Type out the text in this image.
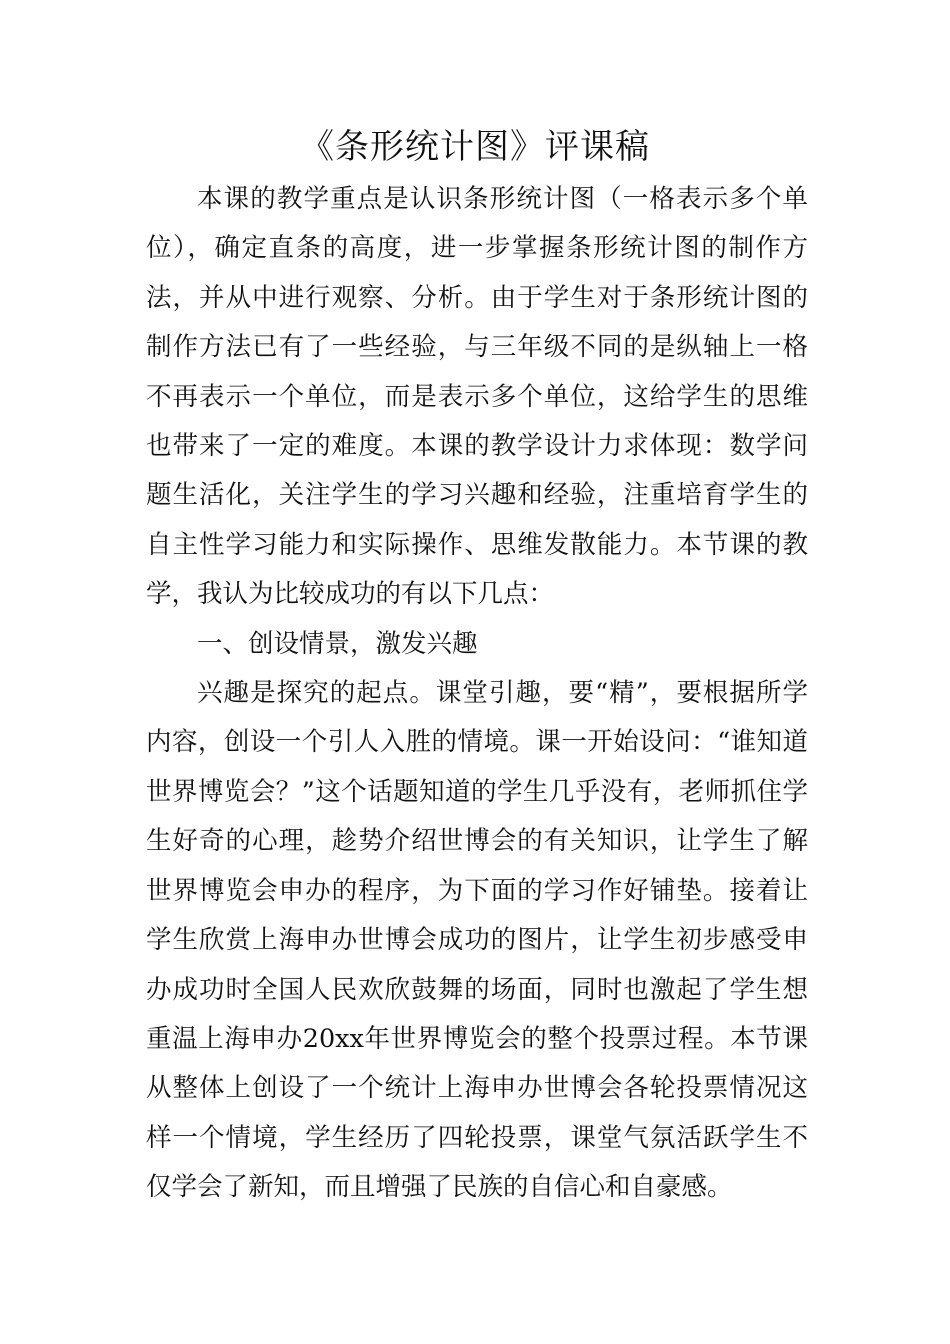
《条形统计图》评课稿

本课的教学重点是认识条形统计图（一格表示多个单位），确定直条的高度，进一步掌握条形统计图的制作方法，并从中进行观察、分析。由于学生对于条形统计图的制作方法已有了一些经验，与三年级不同的是纵轴上一格不再表示一个单位，而是表示多个单位，这给学生的思维也带来了一定的难度。本课的教学设计力求体现：数学问题生活化，关注学生的学习兴趣和经验，注重培育学生的自主性学习能力和实际操作、思维发散能力。本节课的教学，我认为比较成功的有以下几点：

一、创设情景，激发兴趣

兴趣是探究的起点。课堂引趣，要“精”，要根据所学内容，创设一个引人入胜的情境。课一开始设问：“谁知道世界博览会？”这个话题知道的学生几乎没有，老师抓住学生好奇的心理，趁势介绍世博会的有关知识，让学生了解世界博览会申办的程序，为下面的学习作好铺垫。接着让学生欣赏上海申办世博会成功的图片，让学生初步感受申办成功时全国人民欢欣鼓舞的场面，同时也激起了学生想重温上海申办20xx年世界博览会的整个投票过程。本节课从整体上创设了一个统计上海申办世博会各轮投票情况这样一个情境，学生经历了四轮投票，课堂气氛活跃学生不仅学会了新知，而且增强了民族的自信心和自豪感。
